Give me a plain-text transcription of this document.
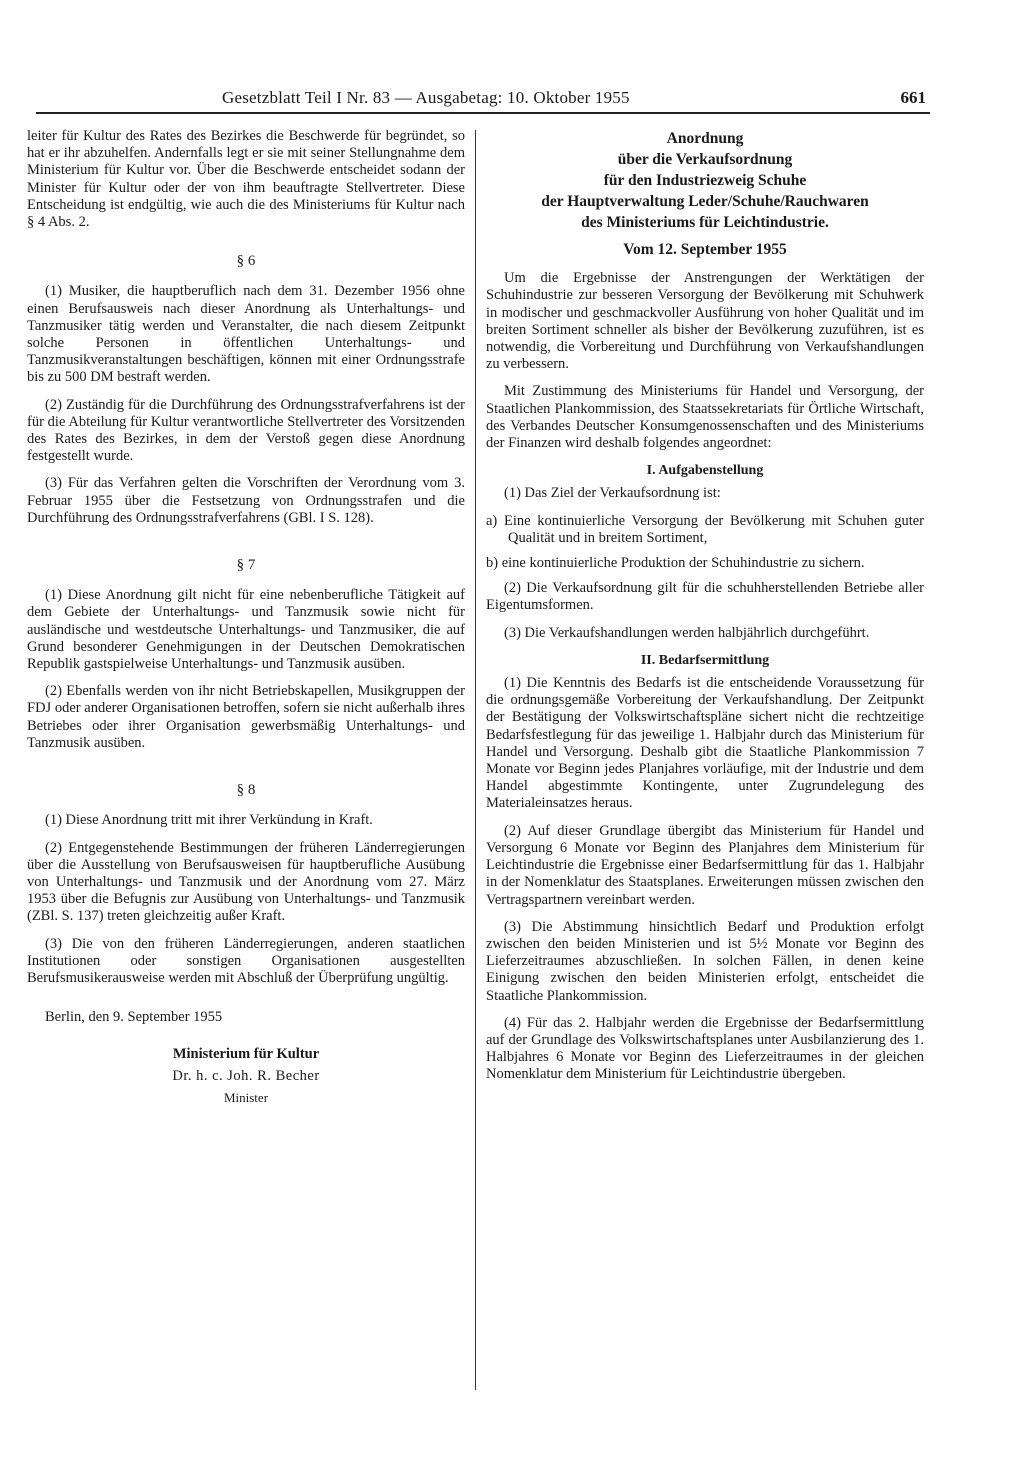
Gesetzblatt Teil I Nr. 83 — Ausgabetag: 10. Oktober 1955	661

leiter für Kultur des Rates des Bezirkes die Beschwerde für begründet, so hat er ihr abzuhelfen. Andernfalls legt er sie mit seiner Stellungnahme dem Ministerium für Kultur vor. Über die Beschwerde entscheidet sodann der Minister für Kultur oder der von ihm beauftragte Stellvertreter. Diese Entscheidung ist endgültig, wie auch die des Ministeriums für Kultur nach § 4 Abs. 2.

§ 6

(1) Musiker, die hauptberuflich nach dem 31. Dezember 1956 ohne einen Berufsausweis nach dieser Anordnung als Unterhaltungs- und Tanzmusiker tätig werden und Veranstalter, die nach diesem Zeitpunkt solche Personen in öffentlichen Unterhaltungs- und Tanzmusikveranstaltungen beschäftigen, können mit einer Ordnungsstrafe bis zu 500 DM bestraft werden.

(2) Zuständig für die Durchführung des Ordnungsstrafverfahrens ist der für die Abteilung für Kultur verantwortliche Stellvertreter des Vorsitzenden des Rates des Bezirkes, in dem der Verstoß gegen diese Anordnung festgestellt wurde.

(3) Für das Verfahren gelten die Vorschriften der Verordnung vom 3. Februar 1955 über die Festsetzung von Ordnungsstrafen und die Durchführung des Ordnungsstrafverfahrens (GBl. I S. 128).

§ 7

(1) Diese Anordnung gilt nicht für eine nebenberufliche Tätigkeit auf dem Gebiete der Unterhaltungs- und Tanzmusik sowie nicht für ausländische und westdeutsche Unterhaltungs- und Tanzmusiker, die auf Grund besonderer Genehmigungen in der Deutschen Demokratischen Republik gastspielweise Unterhaltungs- und Tanzmusik ausüben.

(2) Ebenfalls werden von ihr nicht Betriebskapellen, Musikgruppen der FDJ oder anderer Organisationen betroffen, sofern sie nicht außerhalb ihres Betriebes oder ihrer Organisation gewerbsmäßig Unterhaltungs- und Tanzmusik ausüben.

§ 8

(1) Diese Anordnung tritt mit ihrer Verkündung in Kraft.

(2) Entgegenstehende Bestimmungen der früheren Länderregierungen über die Ausstellung von Berufsausweisen für hauptberufliche Ausübung von Unterhaltungs- und Tanzmusik und der Anordnung vom 27. März 1953 über die Befugnis zur Ausübung von Unterhaltungs- und Tanzmusik (ZBl. S. 137) treten gleichzeitig außer Kraft.

(3) Die von den früheren Länderregierungen, anderen staatlichen Institutionen oder sonstigen Organisationen ausgestellten Berufsmusikerausweise werden mit Abschluß der Überprüfung ungültig.

Berlin, den 9. September 1955

Ministerium für Kultur
Dr. h. c. Joh. R. Becher
Minister
Anordnung
über die Verkaufsordnung
für den Industriezweig Schuhe
der Hauptverwaltung Leder/Schuhe/Rauchwaren
des Ministeriums für Leichtindustrie.
Vom 12. September 1955

Um die Ergebnisse der Anstrengungen der Werktätigen der Schuhindustrie zur besseren Versorgung der Bevölkerung mit Schuhwerk in modischer und geschmackvoller Ausführung von hoher Qualität und im breiten Sortiment schneller als bisher der Bevölkerung zuzuführen, ist es notwendig, die Vorbereitung und Durchführung von Verkaufshandlungen zu verbessern.

Mit Zustimmung des Ministeriums für Handel und Versorgung, der Staatlichen Plankommission, des Staatssekretariats für Örtliche Wirtschaft, des Verbandes Deutscher Konsumgenossenschaften und des Ministeriums der Finanzen wird deshalb folgendes angeordnet:

I. Aufgabenstellung

(1) Das Ziel der Verkaufsordnung ist:

a) Eine kontinuierliche Versorgung der Bevölkerung mit Schuhen guter Qualität und in breitem Sortiment,

b) eine kontinuierliche Produktion der Schuhindustrie zu sichern.

(2) Die Verkaufsordnung gilt für die schuhherstellenden Betriebe aller Eigentumsformen.

(3) Die Verkaufshandlungen werden halbjährlich durchgeführt.

II. Bedarfsermittlung

(1) Die Kenntnis des Bedarfs ist die entscheidende Voraussetzung für die ordnungsgemäße Vorbereitung der Verkaufshandlung. Der Zeitpunkt der Bestätigung der Volkswirtschaftspläne sichert nicht die rechtzeitige Bedarfsfestlegung für das jeweilige 1. Halbjahr durch das Ministerium für Handel und Versorgung. Deshalb gibt die Staatliche Plankommission 7 Monate vor Beginn jedes Planjahres vorläufige, mit der Industrie und dem Handel abgestimmte Kontingente, unter Zugrundelegung des Materialeinsatzes heraus.

(2) Auf dieser Grundlage übergibt das Ministerium für Handel und Versorgung 6 Monate vor Beginn des Planjahres dem Ministerium für Leichtindustrie die Ergebnisse einer Bedarfsermittlung für das 1. Halbjahr in der Nomenklatur des Staatsplanes. Erweiterungen müssen zwischen den Vertragspartnern vereinbart werden.

(3) Die Abstimmung hinsichtlich Bedarf und Produktion erfolgt zwischen den beiden Ministerien und ist 5½ Monate vor Beginn des Lieferzeitraumes abzuschließen. In solchen Fällen, in denen keine Einigung zwischen den beiden Ministerien erfolgt, entscheidet die Staatliche Plankommission.

(4) Für das 2. Halbjahr werden die Ergebnisse der Bedarfsermittlung auf der Grundlage des Volkswirtschaftsplanes unter Ausbilanzierung des 1. Halbjahres 6 Monate vor Beginn des Lieferzeitraumes in der gleichen Nomenklatur dem Ministerium für Leichtindustrie übergeben.
